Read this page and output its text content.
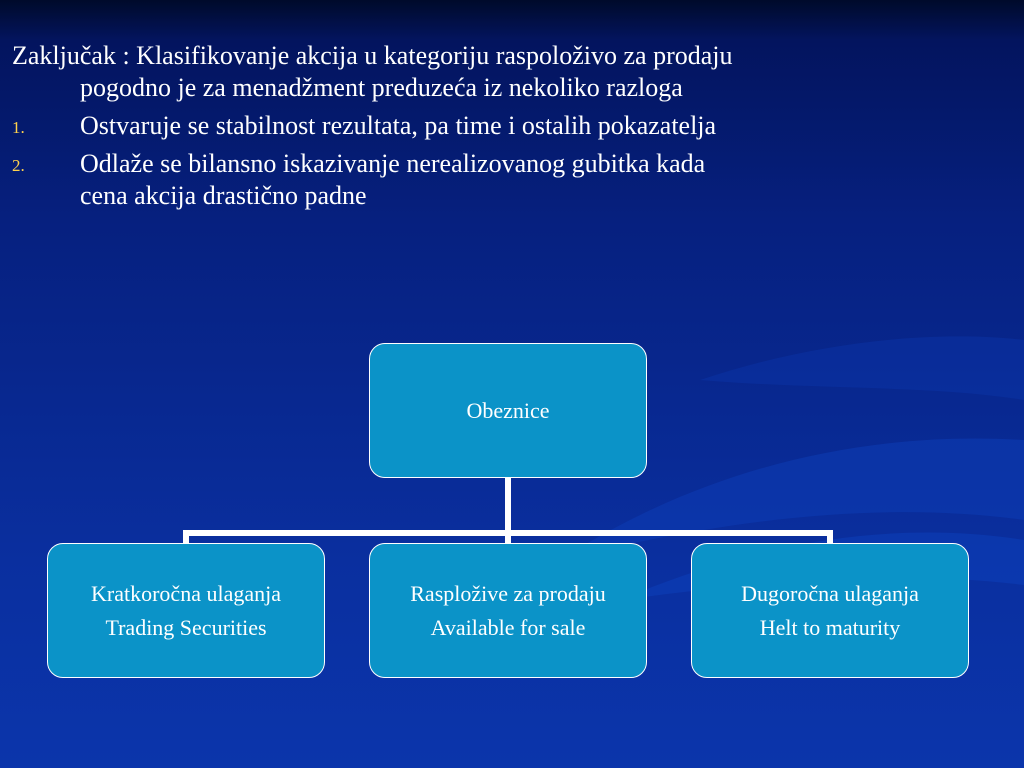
Zaključak : Klasifikovanje akcija u kategoriju raspoloživo za prodaju
pogodno je za menadžment preduzeća iz nekoliko razloga
1. Ostvaruje se stabilnost rezultata, pa time i ostalih pokazatelja
2. Odlaže se bilansno iskazivanje nerealizovanog gubitka kada
cena akcija drastično padne
Obeznice
Kratkoročna ulaganja
Trading Securities
Raspložive za prodaju
Available for sale
Dugoročna ulaganja
Helt to maturity
